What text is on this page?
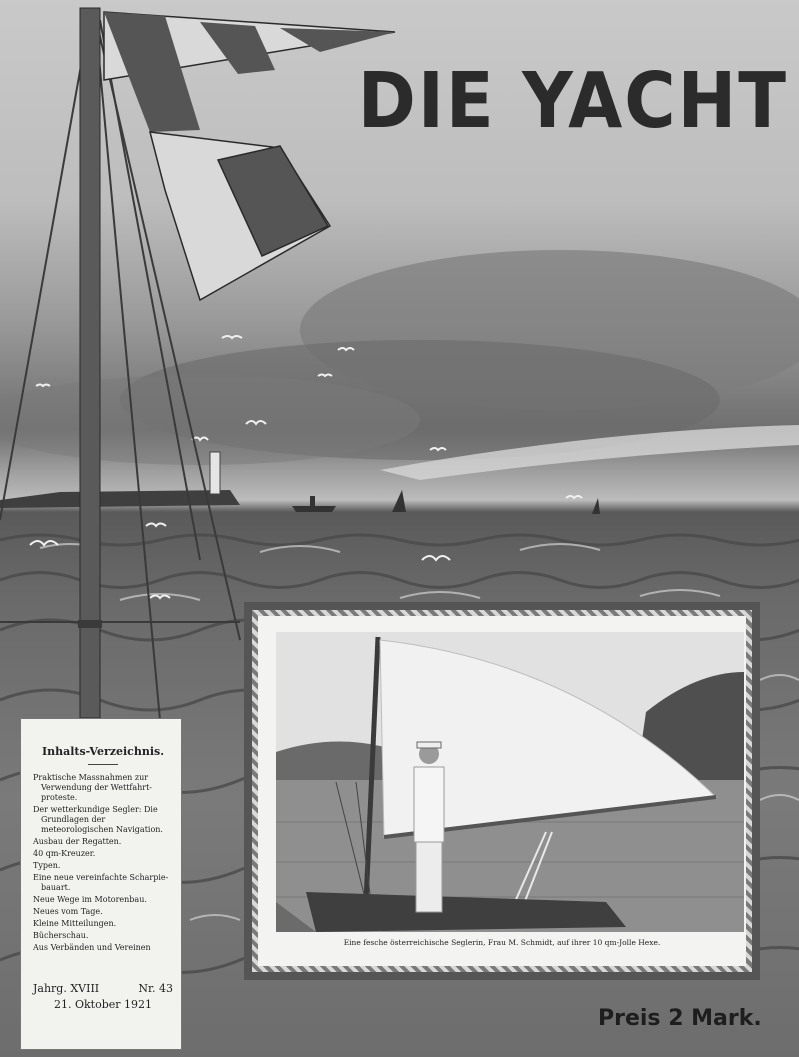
DIE YACHT
Eine fesche österreichische Seglerin, Frau M. Schmidt, auf ihrer 10 qm-Jolle Hexe.
Inhalts-Verzeichnis.
Praktische Massnahmen zur Verwendung der Wettfahrt-proteste.
Der wetterkundige Segler: Die Grundlagen der meteorologischen Navigation.
Ausbau der Regatten.
40 qm-Kreuzer.
Typen.
Eine neue vereinfachte Scharpie-bauart.
Neue Wege im Motorenbau.
Neues vom Tage.
Kleine Mitteilungen.
Bücherschau.
Aus Verbänden und Vereinen
Jahrg. XVIII	Nr. 43
21. Oktober 1921
Preis 2 Mark.
